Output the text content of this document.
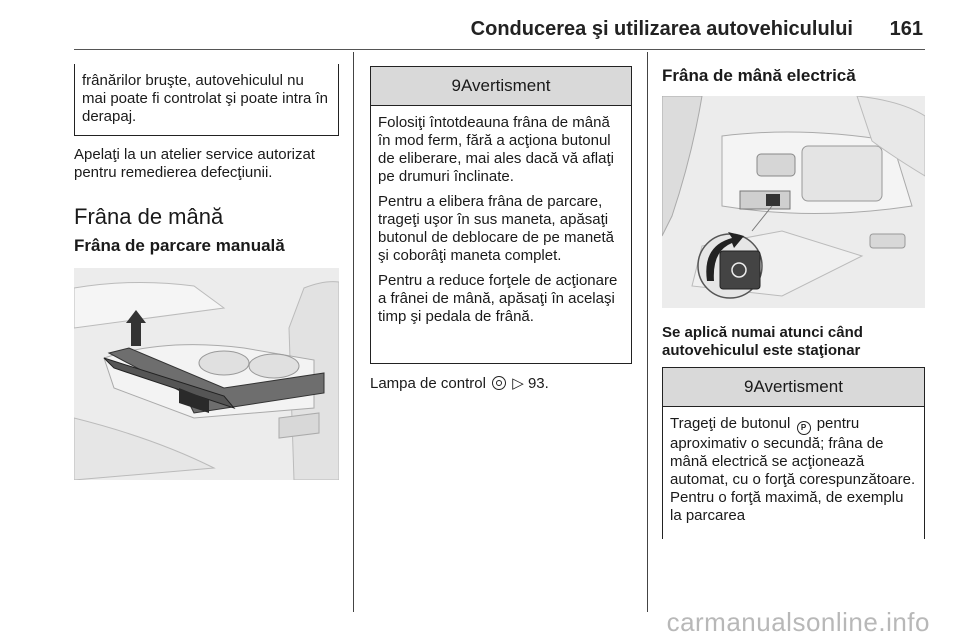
Conducerea şi utilizarea autovehiculului 161

frânărilor bruşte, autovehiculul nu mai poate fi controlat şi poate intra în derapaj.

Apelaţi la un atelier service autorizat pentru remedierea defecţiunii.

Frâna de mână
Frâna de parcare manuală
9Avertisment

Folosiţi întotdeauna frâna de mână în mod ferm, fără a acţiona butonul de eliberare, mai ales dacă vă aflaţi pe drumuri înclinate.

Pentru a elibera frâna de parcare, trageţi uşor în sus maneta, apăsaţi butonul de deblocare de pe manetă şi coborâţi maneta complet.

Pentru a reduce forţele de acţionare a frânei de mână, apăsaţi în acelaşi timp şi pedala de frână.

Lampa de control ▷ 93.

Frâna de mână electrică
Se aplică numai atunci când autovehiculul este staţionar
9Avertisment

Trageţi de butonul P pentru aproximativ o secundă; frâna de mână electrică se acţionează automat, cu o forţă corespunzătoare. Pentru o forţă maximă, de exemplu la parcarea

carmanualsonline.info
